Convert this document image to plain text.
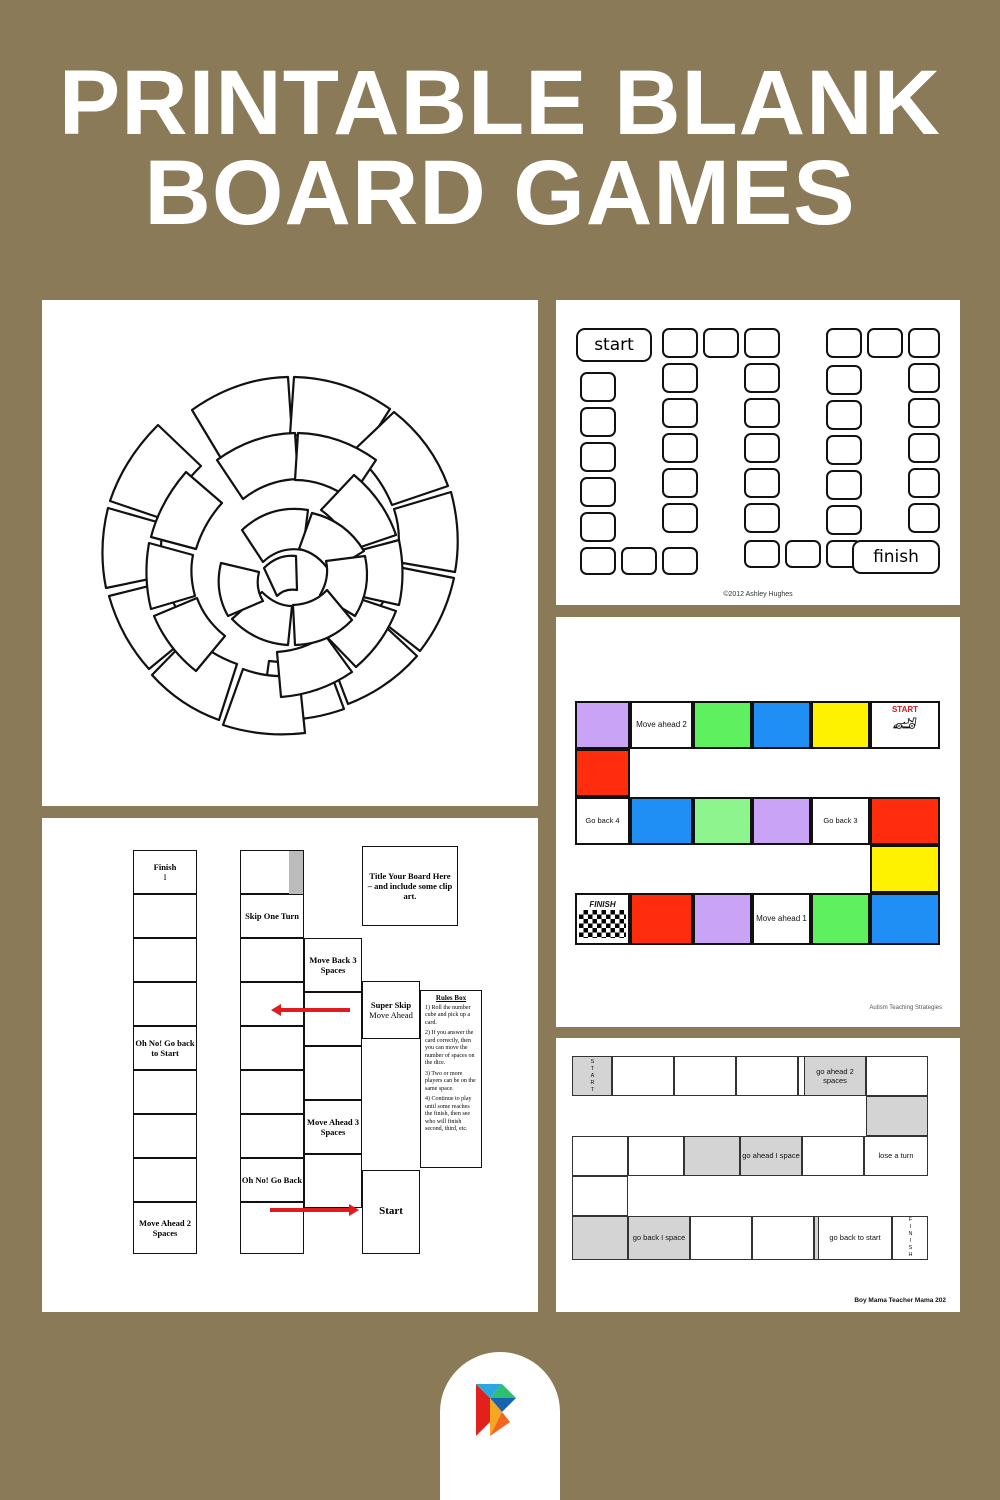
PRINTABLE BLANK
BOARD GAMES
start
finish
©2012 Ashley Hughes
Move ahead 2
START
🏎
Go back 4	Go back 3
FINISH
Move ahead 1
Autism Teaching Strategies
Finish
I
Oh No! Go back to Start
Move Ahead 2 Spaces
Skip One Turn
Oh No! Go Back
Move Back 3 Spaces
Move Ahead 3 Spaces
Super Skip
Move Ahead
Start
Title Your Board Here – and include some clip art.
Rules Box
1) Roll the number cube and pick up a card.
2) If you answer the card correctly, then you can move the number of spaces on the dice.
3) Two or more players can be on the same space.
4) Continue to play until some reaches the finish, then see who will finish second, third, etc.
START	go ahead 2 spaces
go ahead I space	lose a turn
go back I space	go back to start	FINISH
Boy Mama Teacher Mama 202
